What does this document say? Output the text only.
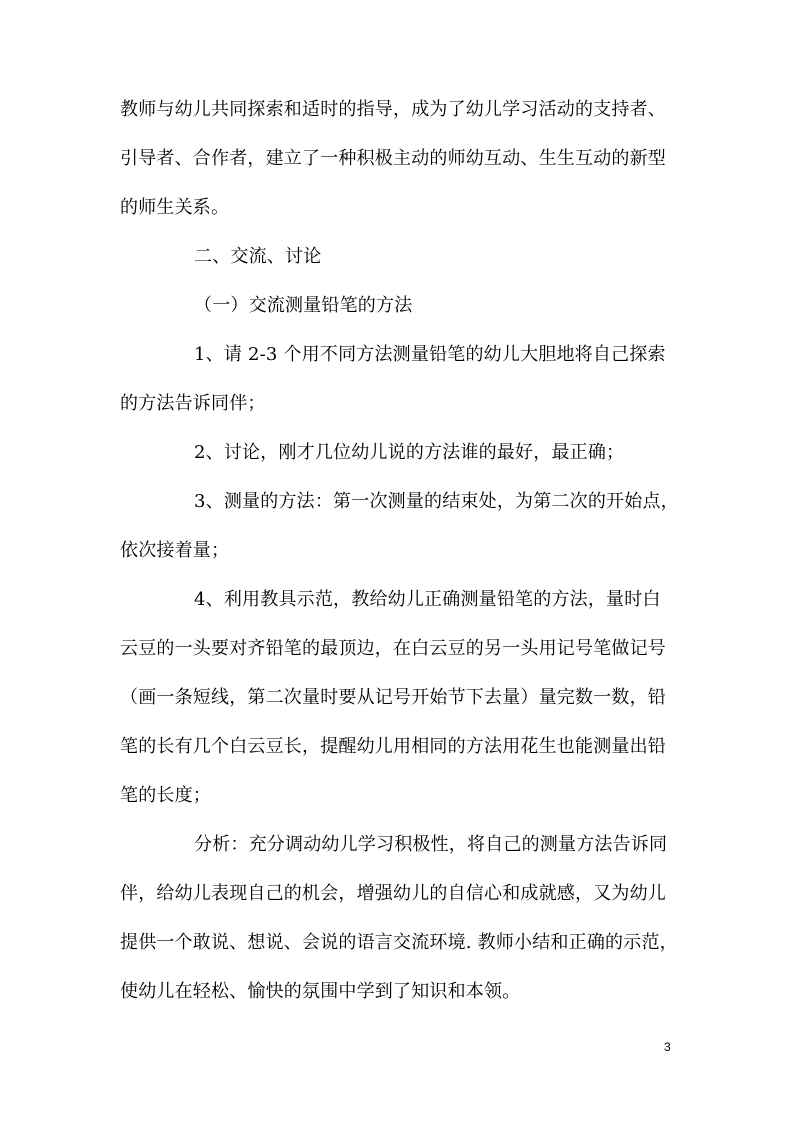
教师与幼儿共同探索和适时的指导，成为了幼儿学习活动的支持者、
引导者、合作者，建立了一种积极主动的师幼互动、生生互动的新型
的师生关系。
二、交流、讨论
（一）交流测量铅笔的方法
1、请 2-3 个用不同方法测量铅笔的幼儿大胆地将自己探索
的方法告诉同伴；
2、讨论，刚才几位幼儿说的方法谁的最好，最正确；
3、测量的方法：第一次测量的结束处，为第二次的开始点，
依次接着量；
4、利用教具示范，教给幼儿正确测量铅笔的方法，量时白
云豆的一头要对齐铅笔的最顶边，在白云豆的另一头用记号笔做记号
（画一条短线，第二次量时要从记号开始节下去量）量完数一数，铅
笔的长有几个白云豆长，提醒幼儿用相同的方法用花生也能测量出铅
笔的长度；
分析：充分调动幼儿学习积极性，将自己的测量方法告诉同
伴，给幼儿表现自己的机会，增强幼儿的自信心和成就感，又为幼儿
提供一个敢说、想说、会说的语言交流环境. 教师小结和正确的示范，
使幼儿在轻松、愉快的氛围中学到了知识和本领。
3
